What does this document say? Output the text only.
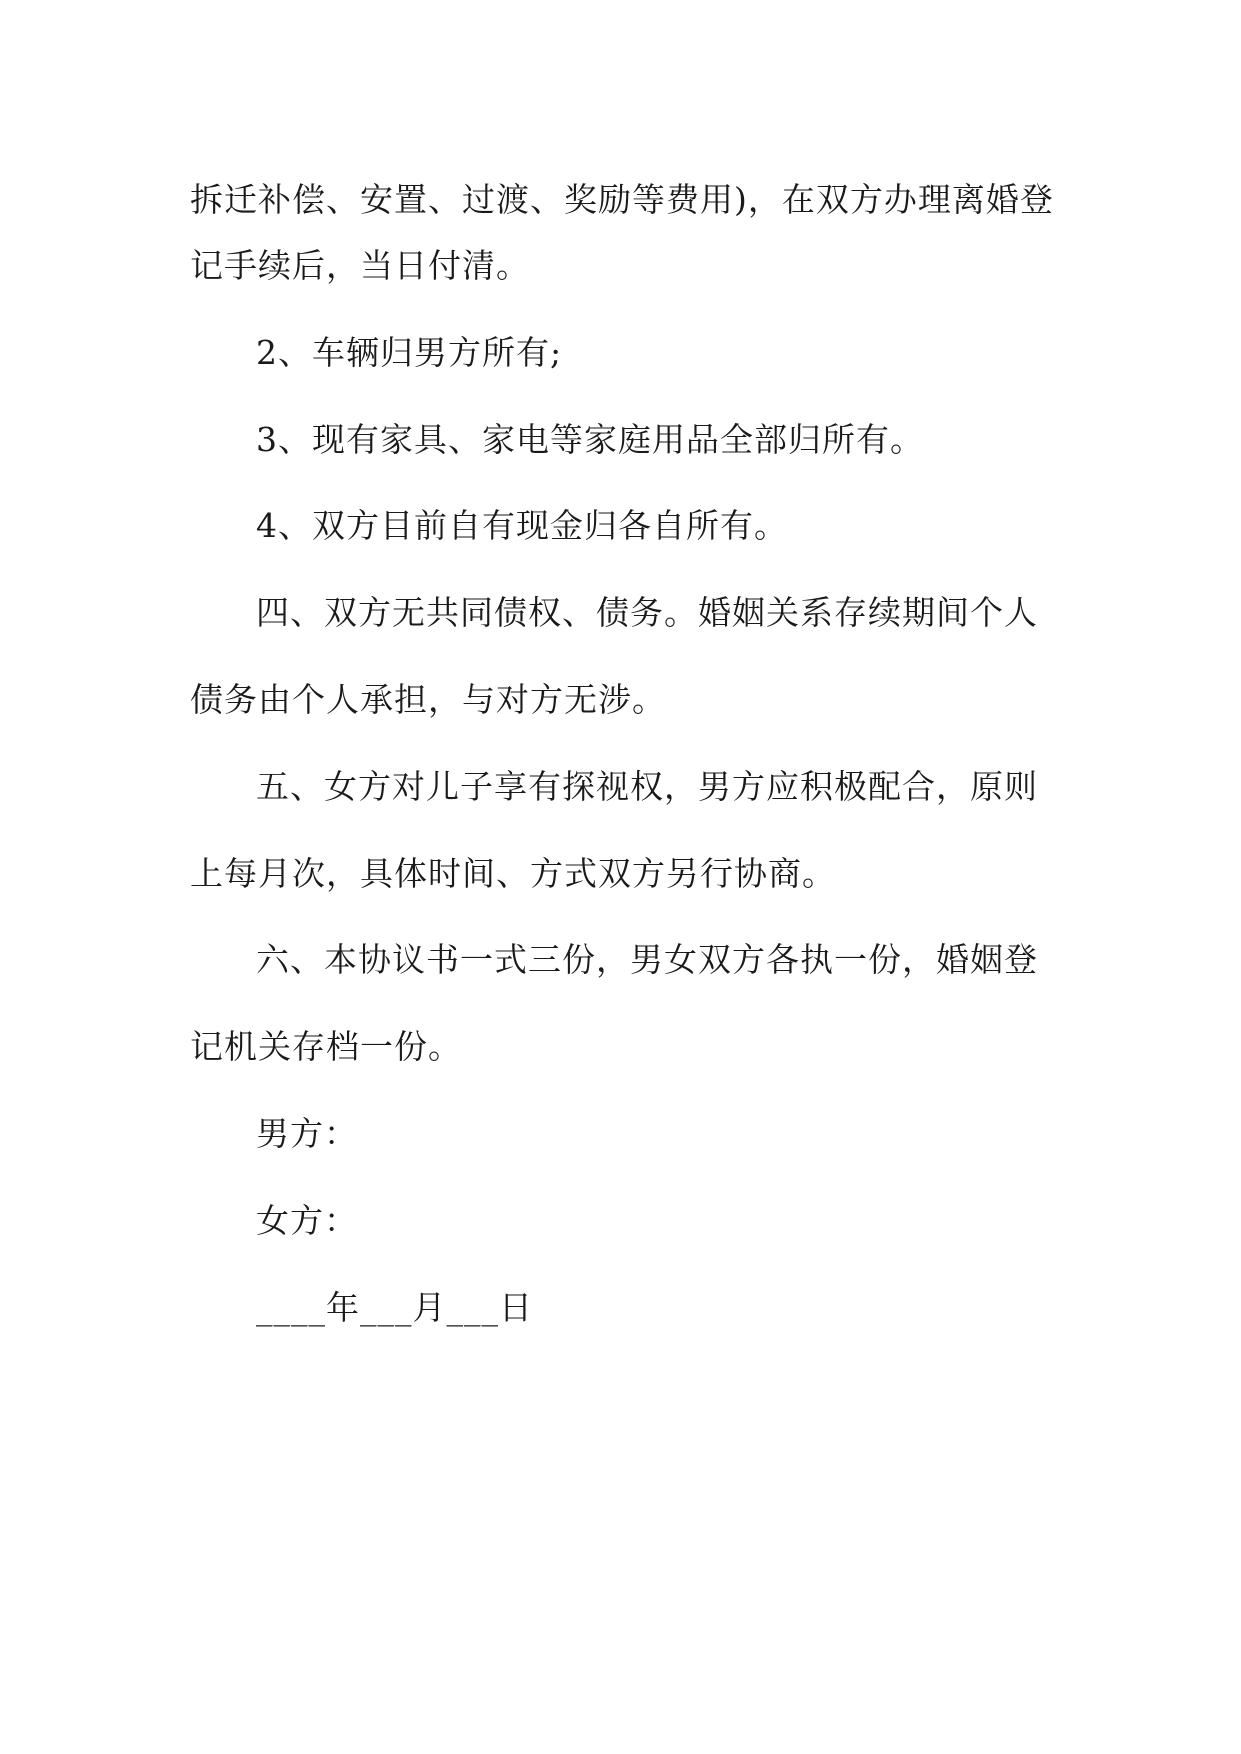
拆迁补偿、安置、过渡、奖励等费用)，在双方办理离婚登
记手续后，当日付清。
2、车辆归男方所有;
3、现有家具、家电等家庭用品全部归所有。
4、双方目前自有现金归各自所有。
四、双方无共同债权、债务。婚姻关系存续期间个人
债务由个人承担，与对方无涉。
五、女方对儿子享有探视权，男方应积极配合，原则
上每月次，具体时间、方式双方另行协商。
六、本协议书一式三份，男女双方各执一份，婚姻登
记机关存档一份。
男方：
女方：
____年___月___日
